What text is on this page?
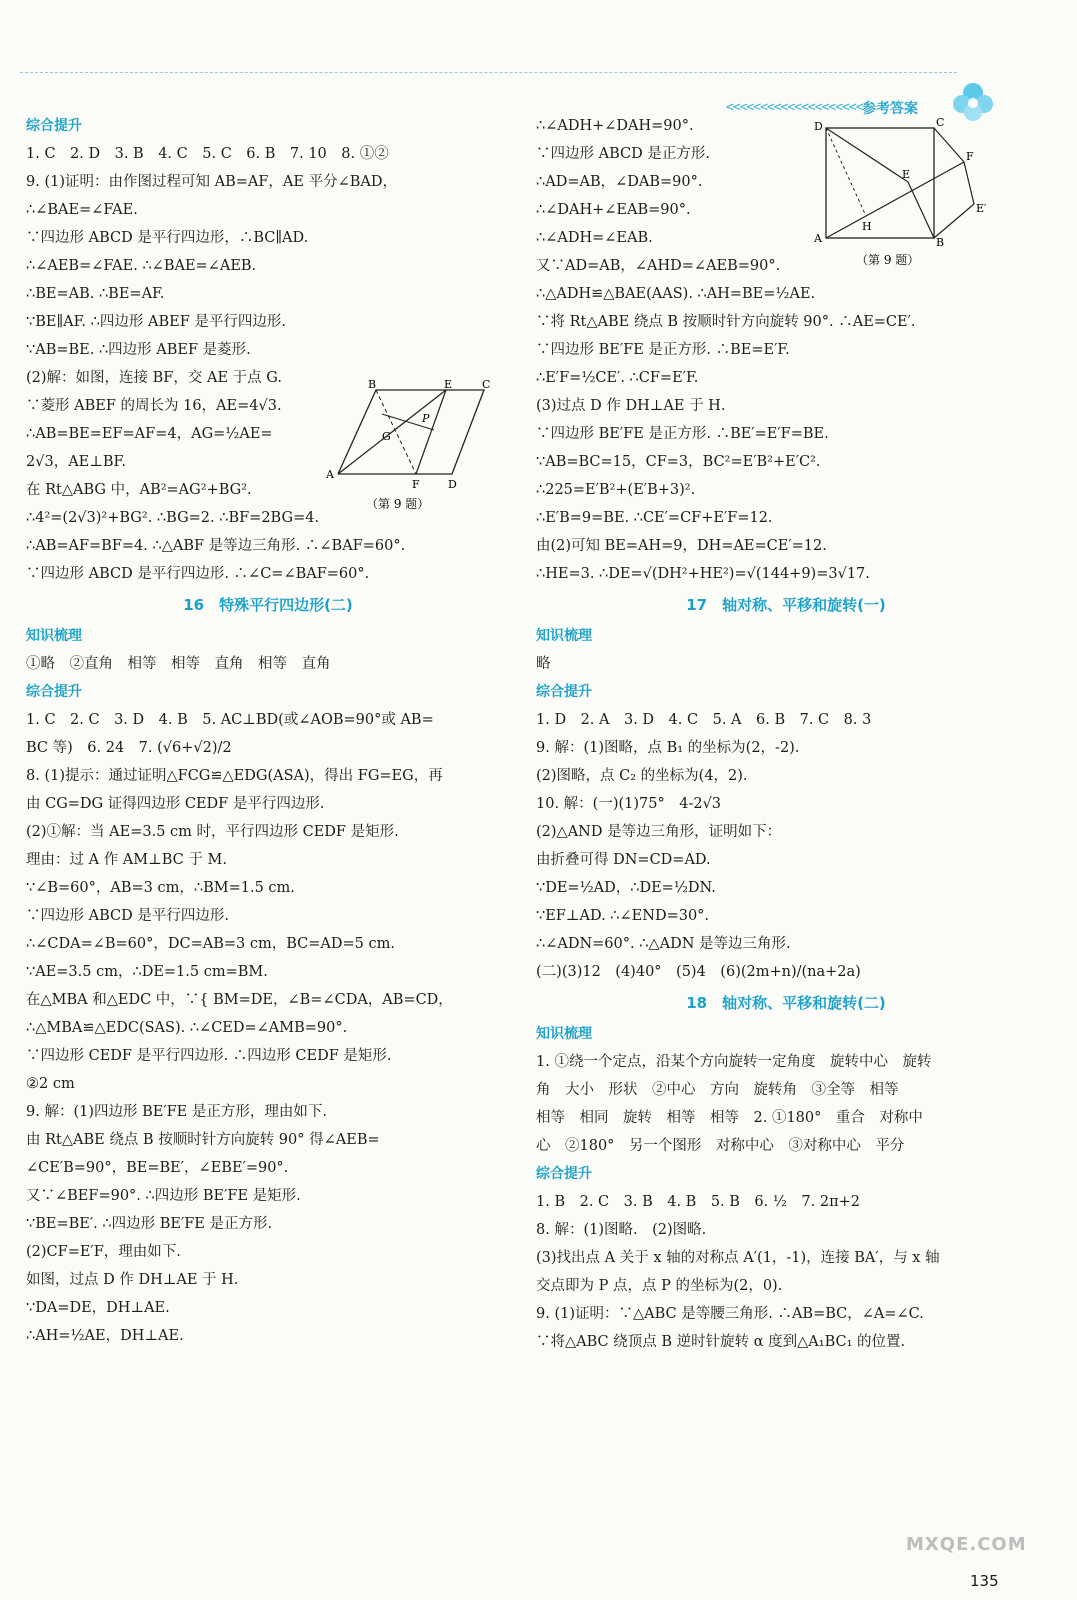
<<<<<<<<<<<<<<<<<<<< 参考答案
综合提升
1. C　2. D　3. B　4. C　5. C　6. B　7. 10　8. ①②
9. (1)证明：由作图过程可知 AB=AF，AE 平分∠BAD，
∴∠BAE=∠FAE.
∵四边形 ABCD 是平行四边形，∴BC∥AD.
∴∠AEB=∠FAE. ∴∠BAE=∠AEB.
∴BE=AB. ∴BE=AF.
∵BE∥AF. ∴四边形 ABEF 是平行四边形.
∵AB=BE. ∴四边形 ABEF 是菱形.
(2)解：如图，连接 BF，交 AE 于点 G.
∵菱形 ABEF 的周长为 16，AE=4√3.
∴AB=BE=EF=AF=4，AG=½AE=
2√3，AE⊥BF.
在 Rt△ABG 中，AB²=AG²+BG².
∴4²=(2√3)²+BG². ∴BG=2. ∴BF=2BG=4.
∴AB=AF=BF=4. ∴△ABF 是等边三角形. ∴∠BAF=60°.
∵四边形 ABCD 是平行四边形. ∴∠C=∠BAF=60°.
16　特殊平行四边形(二)
知识梳理
①略　②直角　相等　相等　直角　相等　直角
综合提升
1. C　2. C　3. D　4. B　5. AC⊥BD(或∠AOB=90°或 AB=
BC 等)　6. 24　7. (√6+√2)/2
8. (1)提示：通过证明△FCG≌△EDG(ASA)，得出 FG=EG，再
由 CG=DG 证得四边形 CEDF 是平行四边形.
(2)①解：当 AE=3.5 cm 时，平行四边形 CEDF 是矩形.
理由：过 A 作 AM⊥BC 于 M.
∵∠B=60°，AB=3 cm，∴BM=1.5 cm.
∵四边形 ABCD 是平行四边形.
∴∠CDA=∠B=60°，DC=AB=3 cm，BC=AD=5 cm.
∵AE=3.5 cm，∴DE=1.5 cm=BM.
在△MBA 和△EDC 中，∵{ BM=DE，∠B=∠CDA，AB=CD，
∴△MBA≌△EDC(SAS). ∴∠CED=∠AMB=90°.
∵四边形 CEDF 是平行四边形. ∴四边形 CEDF 是矩形.
②2 cm
9. 解：(1)四边形 BE′FE 是正方形，理由如下.
由 Rt△ABE 绕点 B 按顺时针方向旋转 90° 得∠AEB=
∠CE′B=90°，BE=BE′，∠EBE′=90°.
又∵∠BEF=90°. ∴四边形 BE′FE 是矩形.
∵BE=BE′. ∴四边形 BE′FE 是正方形.
(2)CF=E′F，理由如下.
如图，过点 D 作 DH⊥AE 于 H.
∵DA=DE，DH⊥AE.
∴AH=½AE，DH⊥AE.
∴∠ADH+∠DAH=90°.
∵四边形 ABCD 是正方形.
∴AD=AB，∠DAB=90°.
∴∠DAH+∠EAB=90°.
∴∠ADH=∠EAB.
又∵AD=AB，∠AHD=∠AEB=90°.
∴△ADH≌△BAE(AAS). ∴AH=BE=½AE.
∵将 Rt△ABE 绕点 B 按顺时针方向旋转 90°. ∴AE=CE′.
∵四边形 BE′FE 是正方形. ∴BE=E′F.
∴E′F=½CE′. ∴CF=E′F.
(3)过点 D 作 DH⊥AE 于 H.
∵四边形 BE′FE 是正方形. ∴BE′=E′F=BE.
∵AB=BC=15，CF=3，BC²=E′B²+E′C².
∴225=E′B²+(E′B+3)².
∴E′B=9=BE. ∴CE′=CF+E′F=12.
由(2)可知 BE=AH=9，DH=AE=CE′=12.
∴HE=3. ∴DE=√(DH²+HE²)=√(144+9)=3√17.
17　轴对称、平移和旋转(一)
知识梳理
略
综合提升
1. D　2. A　3. D　4. C　5. A　6. B　7. C　8. 3
9. 解：(1)图略，点 B₁ 的坐标为(2，-2).
(2)图略，点 C₂ 的坐标为(4，2).
10. 解：(一)(1)75°　4-2√3
(2)△AND 是等边三角形，证明如下：
由折叠可得 DN=CD=AD.
∵DE=½AD，∴DE=½DN.
∵EF⊥AD. ∴∠END=30°.
∴∠ADN=60°. ∴△ADN 是等边三角形.
(二)(3)12　(4)40°　(5)4　(6)(2m+n)/(na+2a)
18　轴对称、平移和旋转(二)
知识梳理
1. ①绕一个定点，沿某个方向旋转一定角度　旋转中心　旋转
角　大小　形状　②中心　方向　旋转角　③全等　相等
相等　相同　旋转　相等　相等　2. ①180°　重合　对称中
心　②180°　另一个图形　对称中心　③对称中心　平分
综合提升
1. B　2. C　3. B　4. B　5. B　6. ½　7. 2π+2
8. 解：(1)图略.　(2)图略.
(3)找出点 A 关于 x 轴的对称点 A′(1，-1)，连接 BA′，与 x 轴
交点即为 P 点，点 P 的坐标为(2，0).
9. (1)证明：∵△ABC 是等腰三角形. ∴AB=BC，∠A=∠C.
∵将△ABC 绕顶点 B 逆时针旋转 α 度到△A₁BC₁ 的位置.
B	E	C
P
G
A
F	D
（第 9 题）
D	C
F
E
H
E′
A	B
（第 9 题）
MXQE.COM
135
